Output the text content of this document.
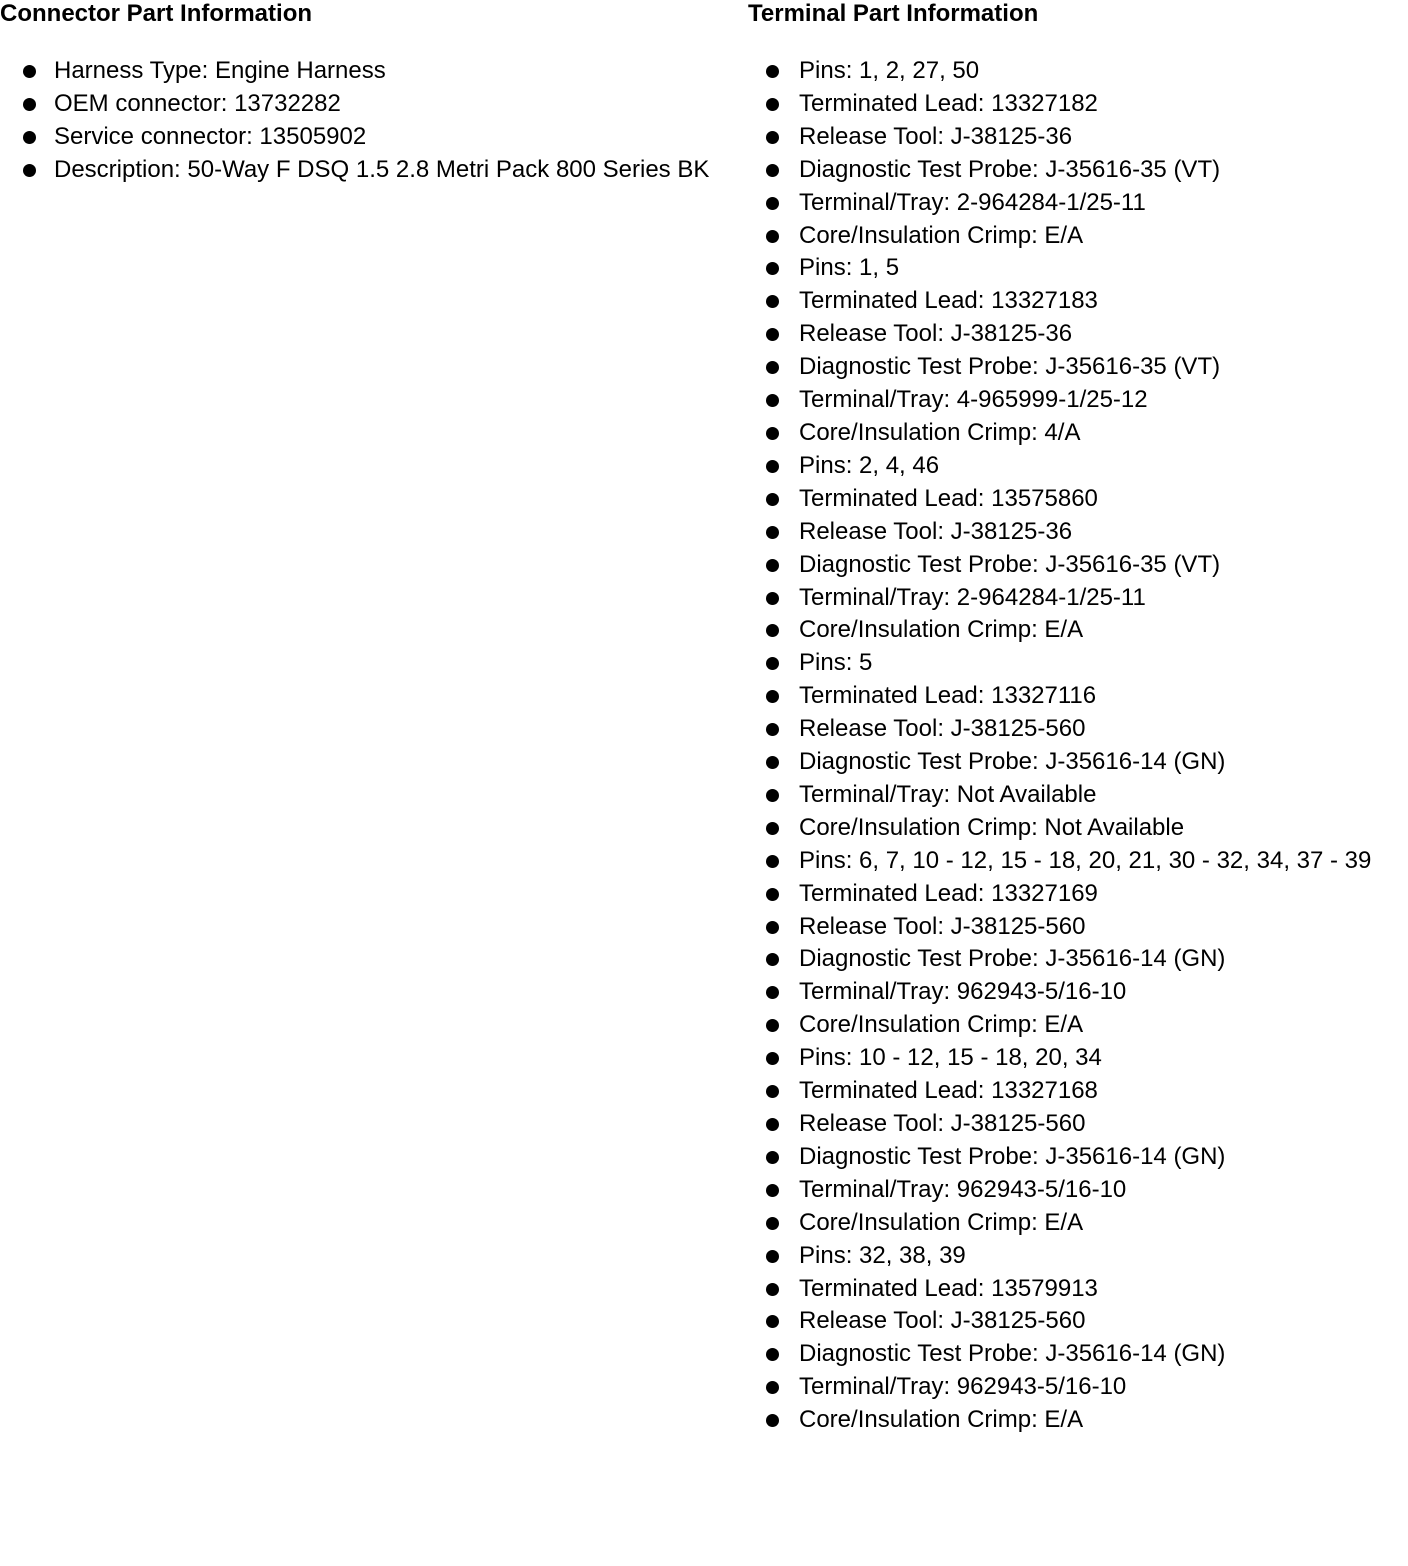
Connector Part Information
Harness Type: Engine Harness
OEM connector: 13732282
Service connector: 13505902
Description: 50-Way F DSQ 1.5 2.8 Metri Pack 800 Series BK
Terminal Part Information
Pins: 1, 2, 27, 50
Terminated Lead: 13327182
Release Tool: J-38125-36
Diagnostic Test Probe: J-35616-35 (VT)
Terminal/Tray: 2-964284-1/25-11
Core/Insulation Crimp: E/A
Pins: 1, 5
Terminated Lead: 13327183
Release Tool: J-38125-36
Diagnostic Test Probe: J-35616-35 (VT)
Terminal/Tray: 4-965999-1/25-12
Core/Insulation Crimp: 4/A
Pins: 2, 4, 46
Terminated Lead: 13575860
Release Tool: J-38125-36
Diagnostic Test Probe: J-35616-35 (VT)
Terminal/Tray: 2-964284-1/25-11
Core/Insulation Crimp: E/A
Pins: 5
Terminated Lead: 13327116
Release Tool: J-38125-560
Diagnostic Test Probe: J-35616-14 (GN)
Terminal/Tray: Not Available
Core/Insulation Crimp: Not Available
Pins: 6, 7, 10 - 12, 15 - 18, 20, 21, 30 - 32, 34, 37 - 39
Terminated Lead: 13327169
Release Tool: J-38125-560
Diagnostic Test Probe: J-35616-14 (GN)
Terminal/Tray: 962943-5/16-10
Core/Insulation Crimp: E/A
Pins: 10 - 12, 15 - 18, 20, 34
Terminated Lead: 13327168
Release Tool: J-38125-560
Diagnostic Test Probe: J-35616-14 (GN)
Terminal/Tray: 962943-5/16-10
Core/Insulation Crimp: E/A
Pins: 32, 38, 39
Terminated Lead: 13579913
Release Tool: J-38125-560
Diagnostic Test Probe: J-35616-14 (GN)
Terminal/Tray: 962943-5/16-10
Core/Insulation Crimp: E/A
